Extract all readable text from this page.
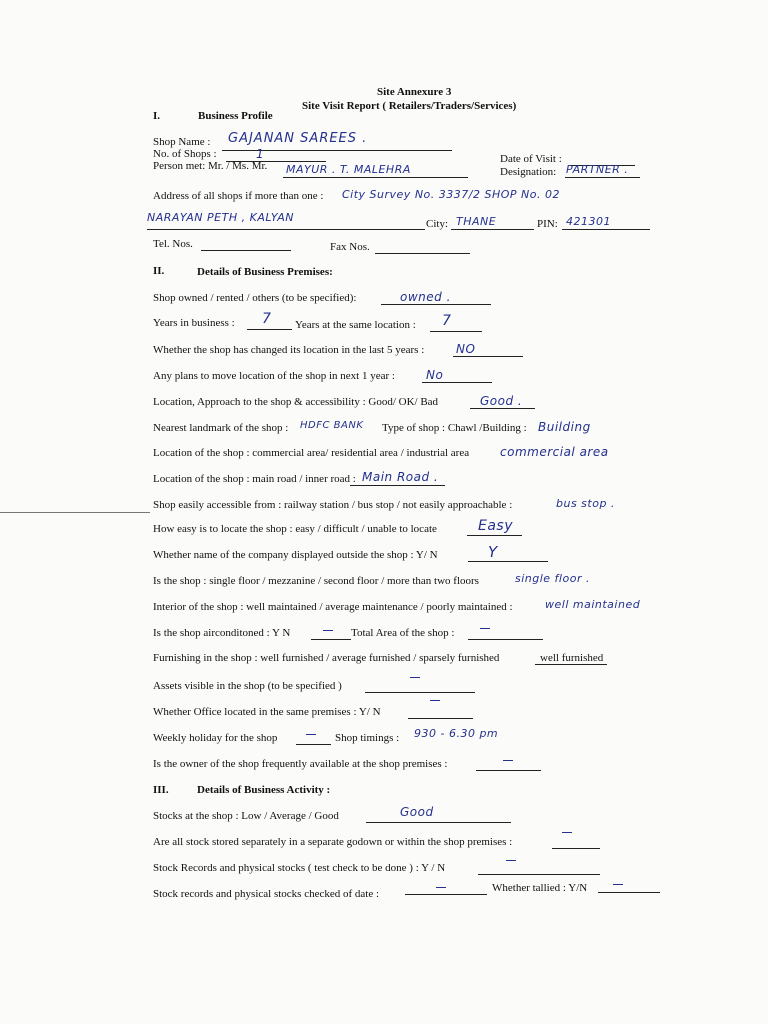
Site Annexure 3
Site Visit Report ( Retailers/Traders/Services)
I.	Business Profile
Shop Name : GAJANAN SAREES .
No. of Shops :	1	Date of Visit :
Person met: Mr. / Ms. Mr. MAYUR . T. MALEHRA	Designation: PARTNER .
Address of all shops if more than one : City Survey No. 3337/2 SHOP No. 02
NARAYAN PETH , KALYAN	City: THANE	PIN: 421301
Tel. Nos.	Fax Nos.
II.	Details of Business Premises:
Shop owned / rented / others (to be specified):	owned .
Years in business : 7 Years at the same location : 7
Whether the shop has changed its location in the last 5 years :	NO
Any plans to move location of the shop in next 1 year :	No
Location, Approach to the shop & accessibility : Good/ OK/ Bad	Good .
Nearest landmark of the shop : HDFC BANK Type of shop : Chawl /Building : Building
Location of the shop : commercial area/ residential area / industrial area	commercial area
Location of the shop : main road / inner road : Main Road .
Shop easily accessible from : railway station / bus stop / not easily approachable :	bus stop .
How easy is to locate the shop : easy / difficult / unable to locate	Easy
Whether name of the company displayed outside the shop : Y/ N	Y
Is the shop : single floor / mezzanine / second floor / more than two floors	single floor .
Interior of the shop : well maintained / average maintenance / poorly maintained :	well maintained
Is the shop airconditoned : Y N	Total Area of the shop :
Furnishing in the shop : well furnished / average furnished / sparsely furnished	well furnished
Assets visible in the shop (to be specified )
Whether Office located in the same premises : Y/ N
Weekly holiday for the shop	Shop timings : 930 - 6.30 pm
Is the owner of the shop frequently available at the shop premises :
III.	Details of Business Activity :
Stocks at the shop : Low / Average / Good	Good
Are all stock stored separately in a separate godown or within the shop premises :
Stock Records and physical stocks ( test check to be done ) : Y / N
Stock records and physical stocks checked of date :	Whether tallied : Y/N
